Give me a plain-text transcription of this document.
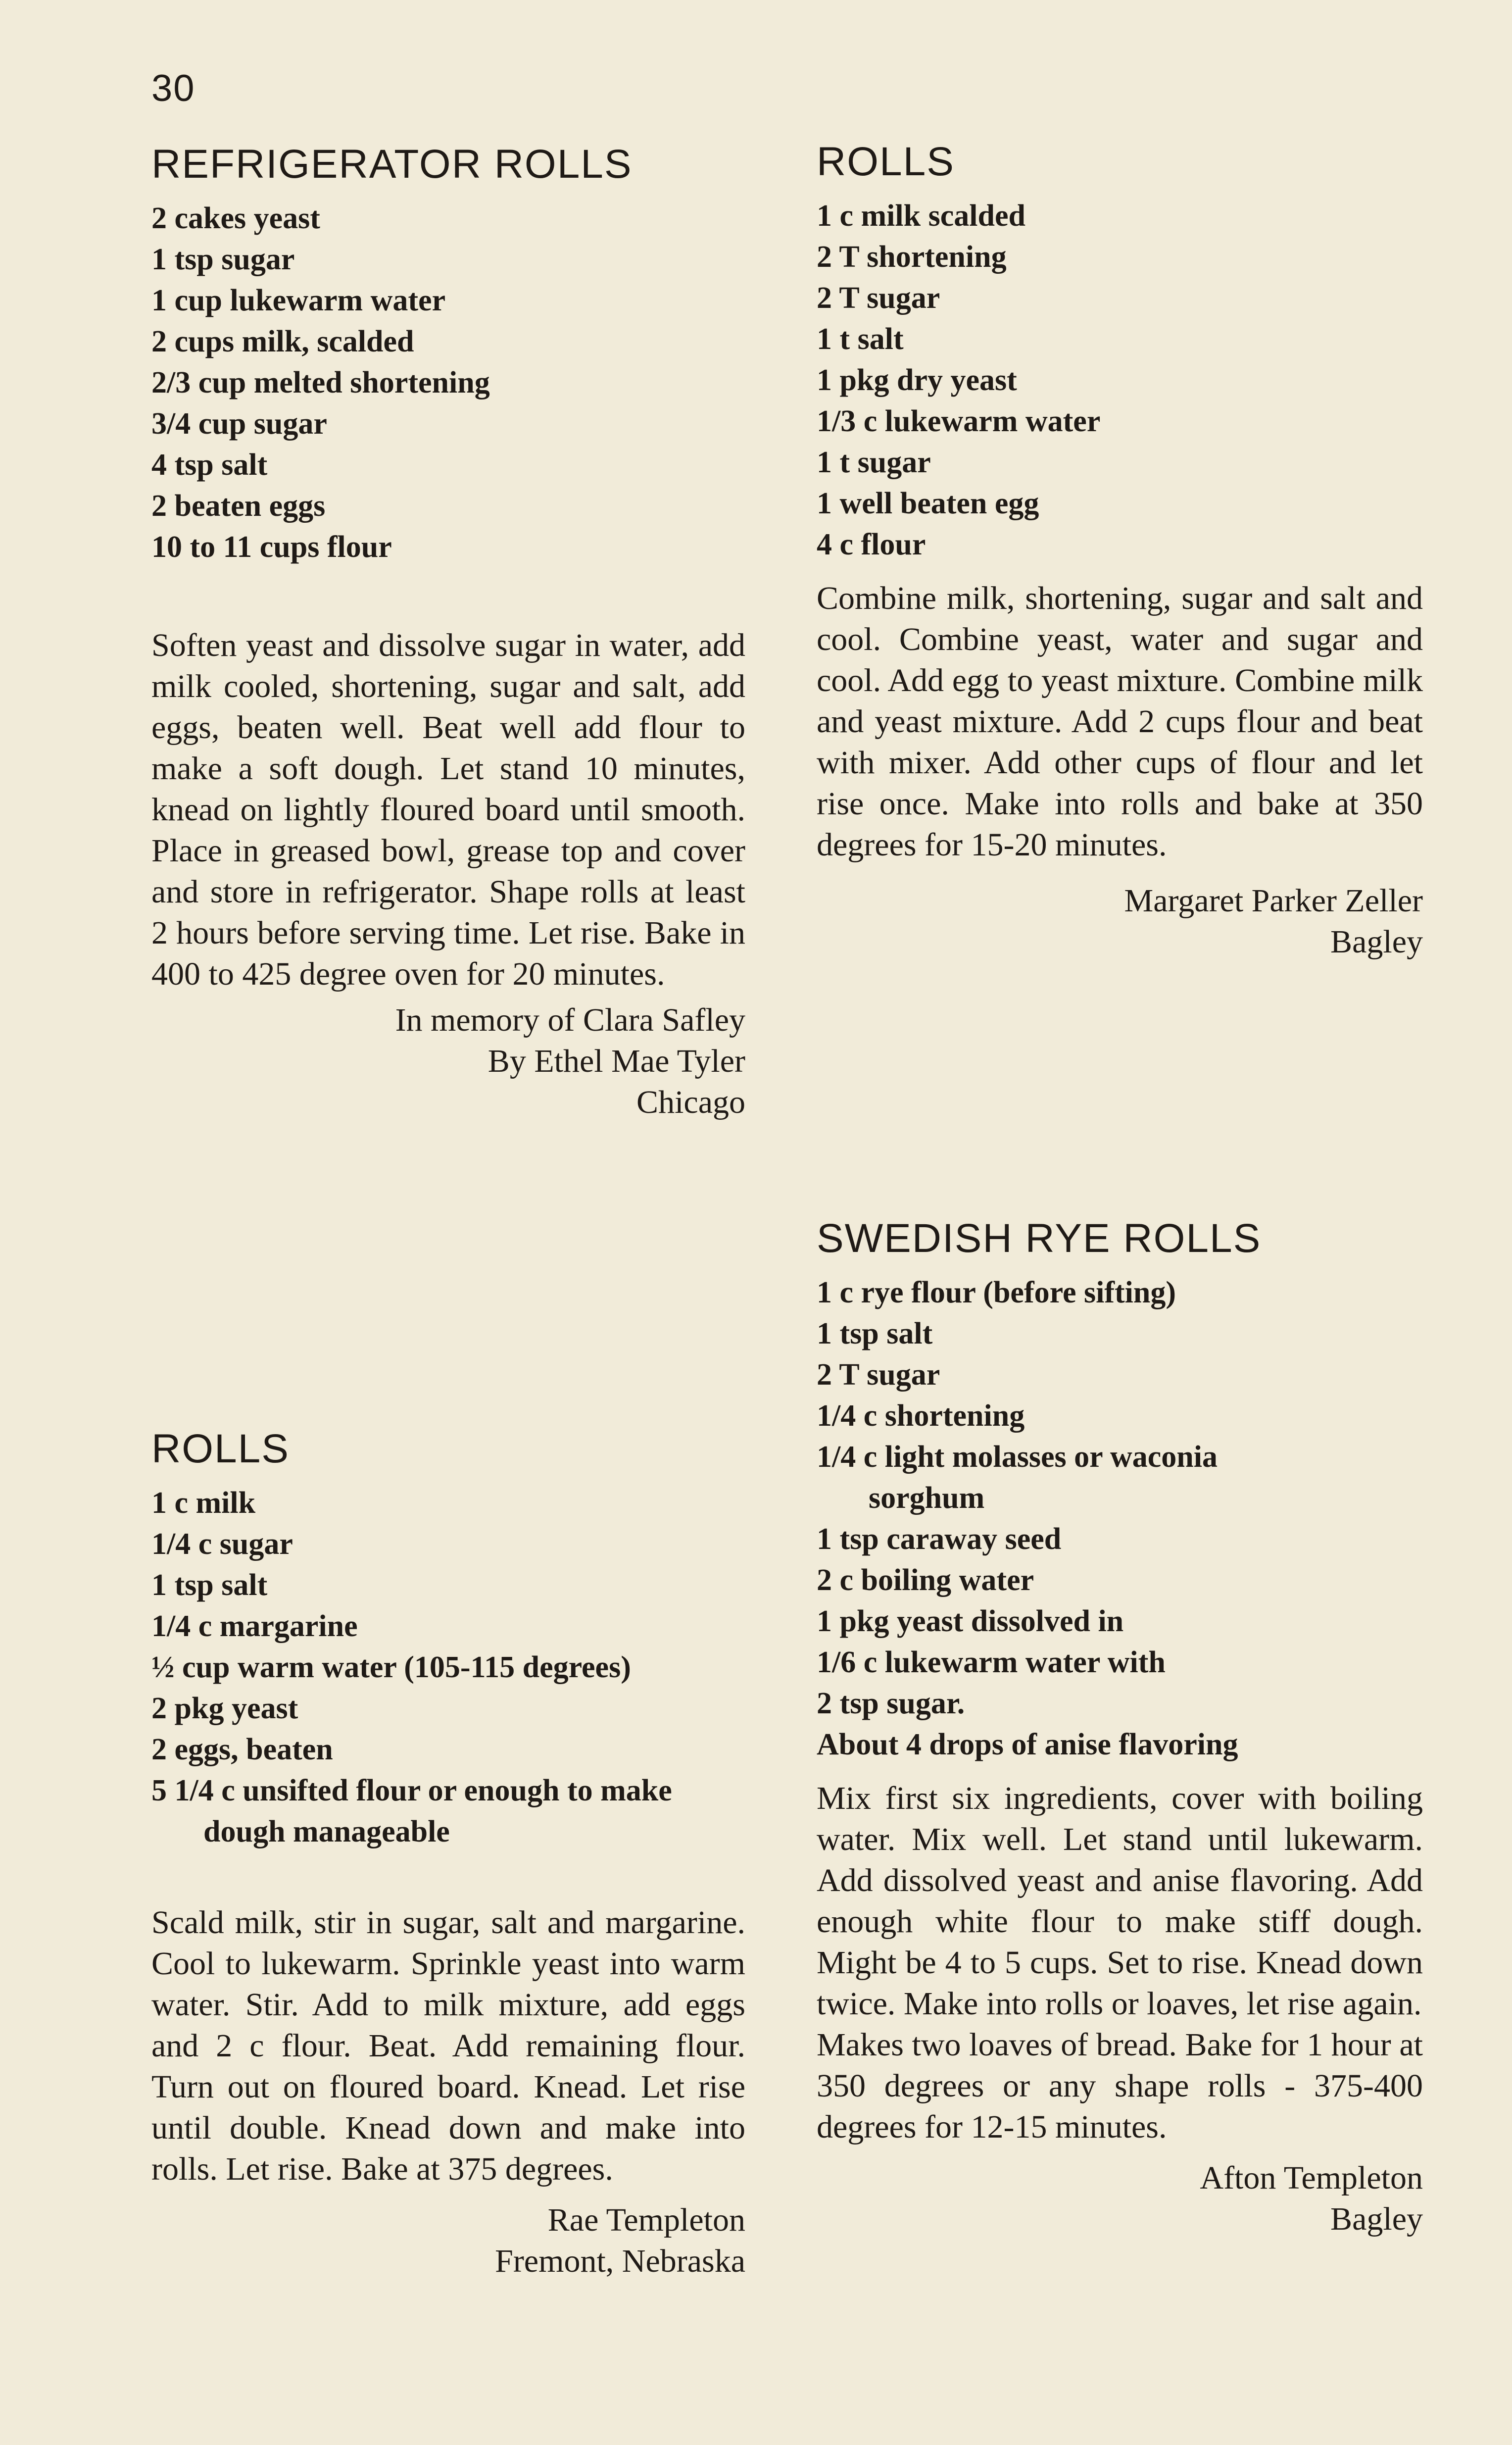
30
REFRIGERATOR ROLLS
2 cakes yeast
1 tsp sugar
1 cup lukewarm water
2 cups milk, scalded
2/3 cup melted shortening
3/4 cup sugar
4 tsp salt
2 beaten eggs
10 to 11 cups flour

Soften yeast and dissolve sugar in water, add milk cooled, shortening, sugar and salt, add eggs, beaten well. Beat well add flour to make a soft dough. Let stand 10 minutes, knead on lightly floured board until smooth. Place in greased bowl, grease top and cover and store in refrigerator. Shape rolls at least 2 hours before serving time. Let rise. Bake in 400 to 425 degree oven for 20 minutes.

In memory of Clara Safley

By Ethel Mae Tyler

Chicago

ROLLS
1 c milk
1/4 c sugar
1 tsp salt
1/4 c margarine
½ cup warm water (105-115 degrees)
2 pkg yeast
2 eggs, beaten
5 1/4 c unsifted flour or enough to make
dough manageable

Scald milk, stir in sugar, salt and margarine. Cool to lukewarm. Sprinkle yeast into warm water. Stir. Add to milk mixture, add eggs and 2 c flour. Beat. Add remaining flour. Turn out on floured board. Knead. Let rise until double. Knead down and make into rolls. Let rise. Bake at 375 degrees.

Rae Templeton

Fremont, Nebraska

ROLLS
1 c milk scalded
2 T shortening
2 T sugar
1 t salt
1 pkg dry yeast
1/3 c lukewarm water
1 t sugar
1 well beaten egg
4 c flour

Combine milk, shortening, sugar and salt and cool. Combine yeast, water and sugar and cool. Add egg to yeast mixture. Combine milk and yeast mixture. Add 2 cups flour and beat with mixer. Add other cups of flour and let rise once. Make into rolls and bake at 350 degrees for 15-20 minutes.

Margaret Parker Zeller

Bagley

SWEDISH RYE ROLLS
1 c rye flour (before sifting)
1 tsp salt
2 T sugar
1/4 c shortening
1/4 c light molasses or waconia
sorghum
1 tsp caraway seed
2 c boiling water
1 pkg yeast dissolved in
1/6 c lukewarm water with
2 tsp sugar.
About 4 drops of anise flavoring

Mix first six ingredients, cover with boiling water. Mix well. Let stand until lukewarm. Add dissolved yeast and anise flavoring. Add enough white flour to make stiff dough. Might be 4 to 5 cups. Set to rise. Knead down twice. Make into rolls or loaves, let rise again.

Makes two loaves of bread. Bake for 1 hour at 350 degrees or any shape rolls - 375-400 degrees for 12-15 minutes.

Afton Templeton

Bagley
